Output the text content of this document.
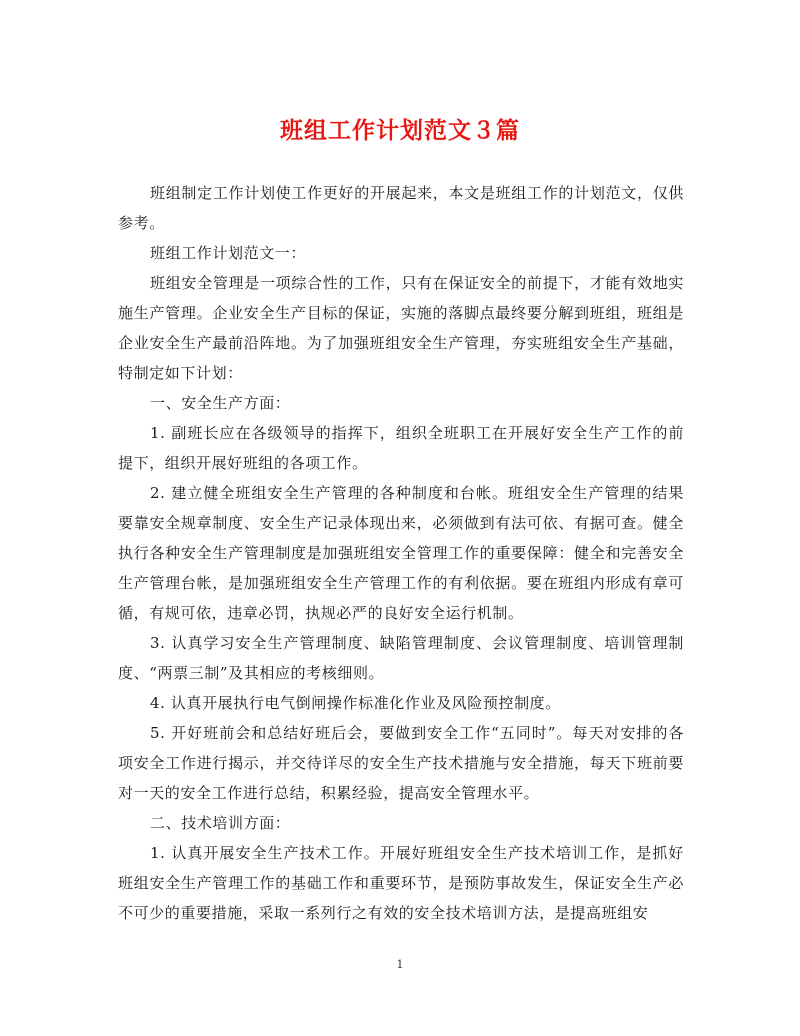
班组工作计划范文３篇

班组制定工作计划使工作更好的开展起来，本文是班组工作的计划范文，仅供参考。

班组工作计划范文一：

班组安全管理是一项综合性的工作，只有在保证安全的前提下，才能有效地实施生产管理。企业安全生产目标的保证，实施的落脚点最终要分解到班组，班组是企业安全生产最前沿阵地。为了加强班组安全生产管理，夯实班组安全生产基础，特制定如下计划：

一、安全生产方面：

1. 副班长应在各级领导的指挥下，组织全班职工在开展好安全生产工作的前提下，组织开展好班组的各项工作。

2. 建立健全班组安全生产管理的各种制度和台帐。班组安全生产管理的结果要靠安全规章制度、安全生产记录体现出来，必须做到有法可依、有据可查。健全执行各种安全生产管理制度是加强班组安全管理工作的重要保障：健全和完善安全生产管理台帐，是加强班组安全生产管理工作的有利依据。要在班组内形成有章可循，有规可依，违章必罚，执规必严的良好安全运行机制。

3. 认真学习安全生产管理制度、缺陷管理制度、会议管理制度、培训管理制度、“两票三制”及其相应的考核细则。

4. 认真开展执行电气倒闸操作标准化作业及风险预控制度。

5. 开好班前会和总结好班后会，要做到安全工作“五同时”。每天对安排的各项安全工作进行揭示，并交待详尽的安全生产技术措施与安全措施，每天下班前要对一天的安全工作进行总结，积累经验，提高安全管理水平。

二、技术培训方面：

1. 认真开展安全生产技术工作。开展好班组安全生产技术培训工作，是抓好班组安全生产管理工作的基础工作和重要环节，是预防事故发生，保证安全生产必不可少的重要措施，采取一系列行之有效的安全技术培训方法，是提高班组安

1
